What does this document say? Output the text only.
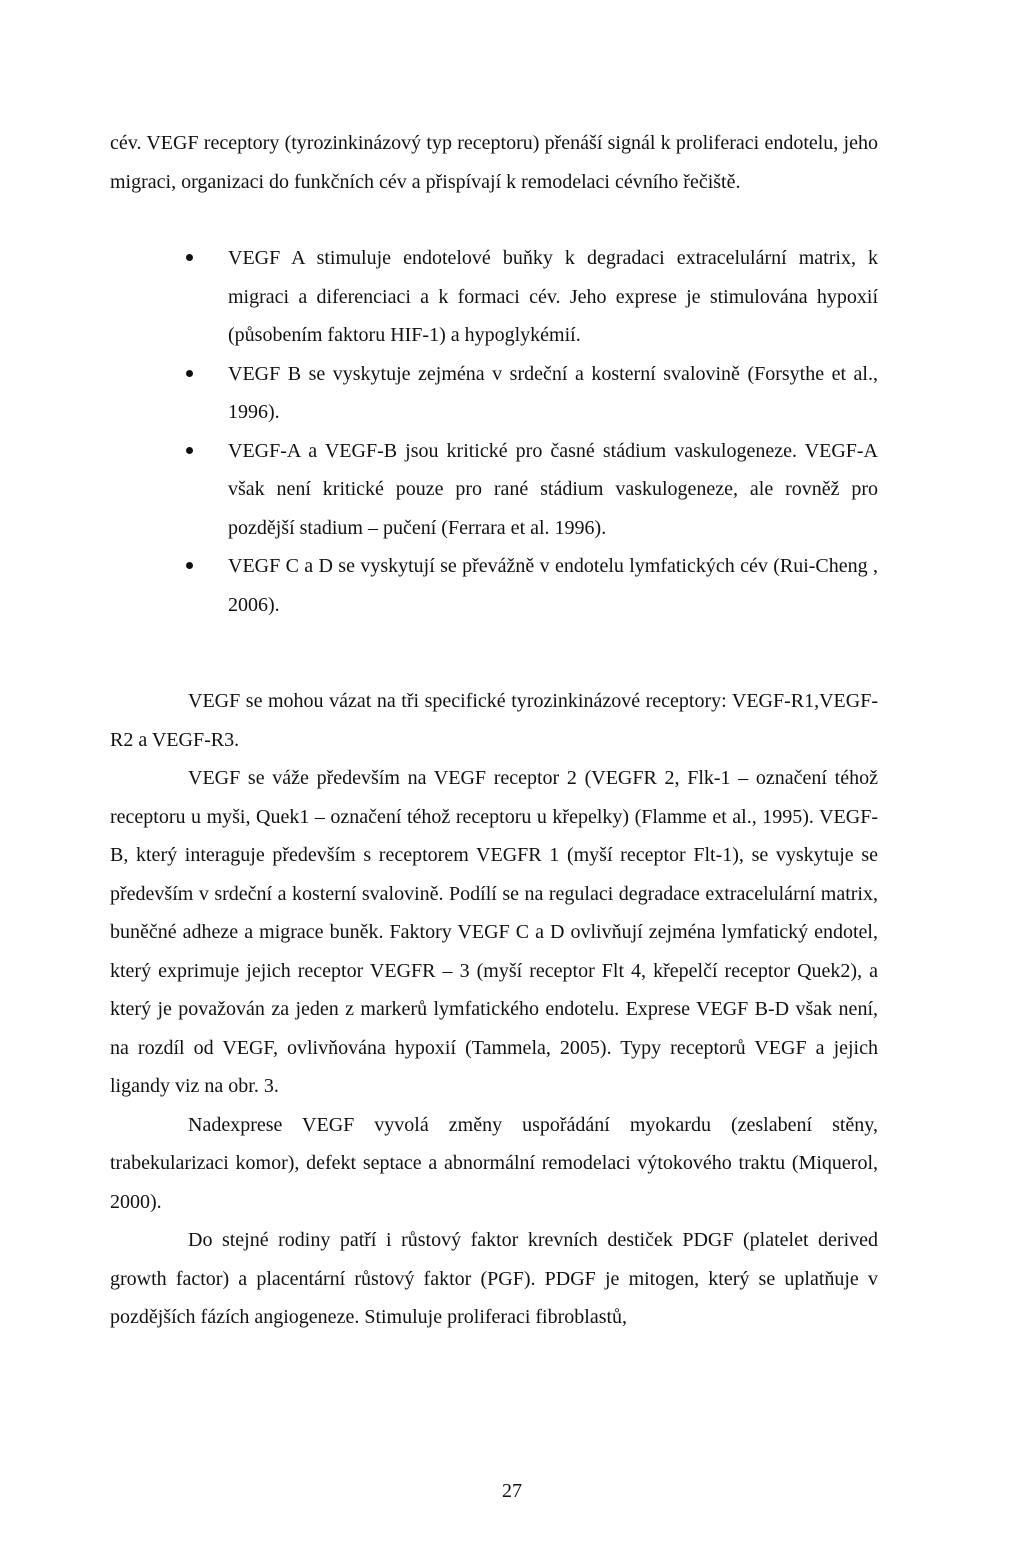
cév. VEGF receptory (tyrozinkinázový typ receptoru) přenáší signál k proliferaci endotelu, jeho migraci, organizaci do funkčních cév a přispívají k remodelaci cévního řečiště.

VEGF A stimuluje endotelové buňky k degradaci extracelulární matrix, k migraci a diferenciaci a k formaci cév. Jeho exprese je stimulována hypoxií (působením faktoru HIF-1) a hypoglykémií.
VEGF B se vyskytuje zejména v srdeční a kosterní svalovině (Forsythe et al., 1996).
VEGF-A a VEGF-B jsou kritické pro časné stádium vaskulogeneze. VEGF-A však není kritické pouze pro rané stádium vaskulogeneze, ale rovněž pro pozdější stadium – pučení (Ferrara et al. 1996).
VEGF C a D se vyskytují se převážně v endotelu lymfatických cév (Rui-Cheng , 2006).

VEGF se mohou vázat na tři specifické tyrozinkinázové receptory: VEGF-R1,VEGF-R2 a VEGF-R3.

VEGF se váže především na VEGF receptor 2 (VEGFR 2, Flk-1 – označení téhož receptoru u myši, Quek1 – označení téhož receptoru u křepelky) (Flamme et al., 1995). VEGF-B, který interaguje především s receptorem VEGFR 1 (myší receptor Flt-1), se vyskytuje se především v srdeční a kosterní svalovině. Podílí se na regulaci degradace extracelulární matrix, buněčné adheze a migrace buněk. Faktory VEGF C a D ovlivňují zejména lymfatický endotel, který exprimuje jejich receptor VEGFR – 3 (myší receptor Flt 4, křepelčí receptor Quek2), a který je považován za jeden z markerů lymfatického endotelu. Exprese VEGF B-D však není, na rozdíl od VEGF, ovlivňována hypoxií (Tammela, 2005). Typy receptorů VEGF a jejich ligandy viz na obr. 3.

Nadexprese VEGF vyvolá změny uspořádání myokardu (zeslabení stěny, trabekularizaci komor), defekt septace a abnormální remodelaci výtokového traktu (Miquerol, 2000).

Do stejné rodiny patří i růstový faktor krevních destiček PDGF (platelet derived growth factor) a placentární růstový faktor (PGF). PDGF je mitogen, který se uplatňuje v pozdějších fázích angiogeneze. Stimuluje proliferaci fibroblastů,

27
